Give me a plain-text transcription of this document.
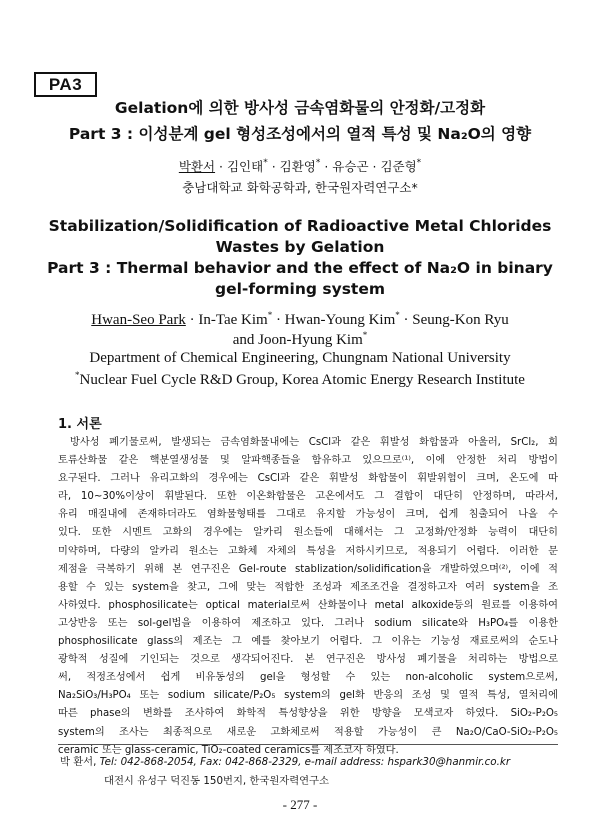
PA3
Gelation에 의한 방사성 금속염화물의 안정화/고정화
Part 3 : 이성분계 gel 형성조성에서의 열적 특성 및 Na₂O의 영향
박환서 · 김인태* · 김환영* · 유승곤 · 김준형*
충남대학교 화학공학과, 한국원자력연구소*
Stabilization/Solidification of Radioactive Metal Chlorides
Wastes by Gelation
Part 3 : Thermal behavior and the effect of Na₂O in binary
gel-forming system
Hwan-Seo Park · In-Tae Kim* · Hwan-Young Kim* · Seung-Kon Ryu
and Joon-Hyung Kim*
Department of Chemical Engineering, Chungnam National University
*Nuclear Fuel Cycle R&D Group, Korea Atomic Energy Research Institute
1. 서론
방사성 폐기물로써, 발생되는 금속염화물내에는 CsCl과 같은 휘발성 화합물과 아울러, SrCl₂, 희
토류산화물 같은 핵분열생성물 및 알파핵종들을 함유하고 있으므로⁽¹⁾, 이에 안정한 처리 방법이
요구된다. 그러나 유리고화의 경우에는 CsCl과 같은 휘발성 화합물이 휘발위험이 크며, 온도에 따
라, 10~30%이상이 휘발된다. 또한 이온화합물은 고온에서도 그 결합이 대단히 안정하며, 따라서,
유리 매질내에 존재하더라도 염화물형태를 그대로 유지할 가능성이 크며, 쉽게 침출되어 나올 수
있다. 또한 시멘트 고화의 경우에는 알카리 원소들에 대해서는 그 고정화/안정화 능력이 대단히
미약하며, 다량의 알카리 원소는 고화체 자체의 특성을 저하시키므로, 적용되기 어렵다. 이러한 문
제점을 극복하기 위해 본 연구진은 Gel-route stablization/solidification을 개발하였으며⁽²⁾, 이에 적
용할 수 있는 system을 찾고, 그에 맞는 적합한 조성과 제조조건을 결정하고자 여러 system을 조
사하였다. phosphosilicate는 optical material로써 산화물이나 metal alkoxide등의 원료를 이용하여
고상반응 또는 sol-gel법을 이용하여 제조하고 있다. 그러나 sodium silicate와 H₃PO₄를 이용한
phosphosilicate glass의 제조는 그 예를 찾아보기 어렵다. 그 이유는 기능성 재료로써의 순도나
광학적 성질에 기인되는 것으로 생각되어진다. 본 연구진은 방사성 폐기물을 처리하는 방법으로
써, 적정조성에서 쉽게 비유동성의 gel을 형성할 수 있는 non-alcoholic system으로써,
Na₂SiO₃/H₃PO₄ 또는 sodium silicate/P₂O₅ system의 gel화 반응의 조성 및 열적 특성, 열처리에
따른 phase의 변화를 조사하여 화학적 특성향상을 위한 방향을 모색코자 하였다. SiO₂-P₂O₅
system의 조사는 최종적으로 새로운 고화체로써 적용할 가능성이 큰 Na₂O/CaO-SiO₂-P₂O₅
ceramic 또는 glass-ceramic, TiO₂-coated ceramics를 제조코자 하였다.
박 환서, Tel: 042-868-2054, Fax: 042-868-2329, e-mail address: hspark30@hanmir.co.kr
대전시 유성구 덕진동 150번지, 한국원자력연구소
- 277 -
